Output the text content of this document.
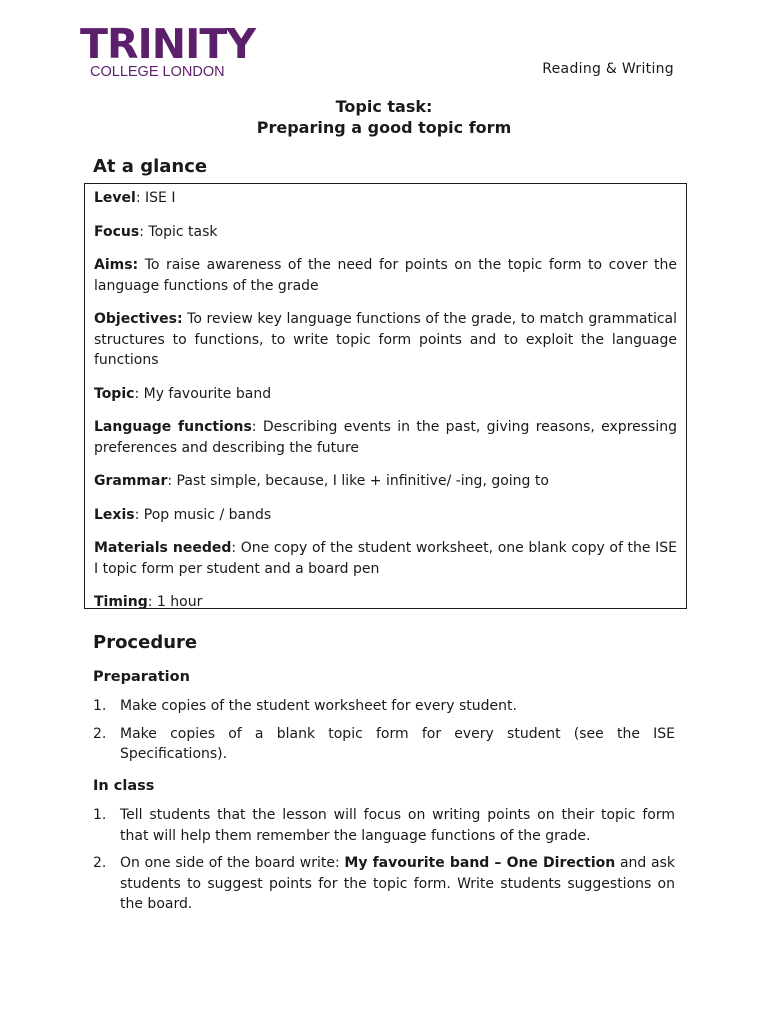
TRINITY
COLLEGE LONDON	Reading & Writing
Topic task:
Preparing a good topic form
At a glance

Level: ISE I

Focus: Topic task

Aims: To raise awareness of the need for points on the topic form to cover the language functions of the grade

Objectives: To review key language functions of the grade, to match grammatical structures to functions, to write topic form points and to exploit the language functions

Topic: My favourite band

Language functions: Describing events in the past, giving reasons, expressing preferences and describing the future

Grammar: Past simple, because, I like + infinitive/ -ing, going to

Lexis: Pop music / bands

Materials needed: One copy of the student worksheet, one blank copy of the ISE I topic form per student and a board pen

Timing: 1 hour

Procedure
Preparation
1. Make copies of the student worksheet for every student.
2. Make copies of a blank topic form for every student (see the ISE Specifications).
In class
1. Tell students that the lesson will focus on writing points on their topic form that will help them remember the language functions of the grade.
2. On one side of the board write: My favourite band – One Direction and ask students to suggest points for the topic form. Write students suggestions on the board.
